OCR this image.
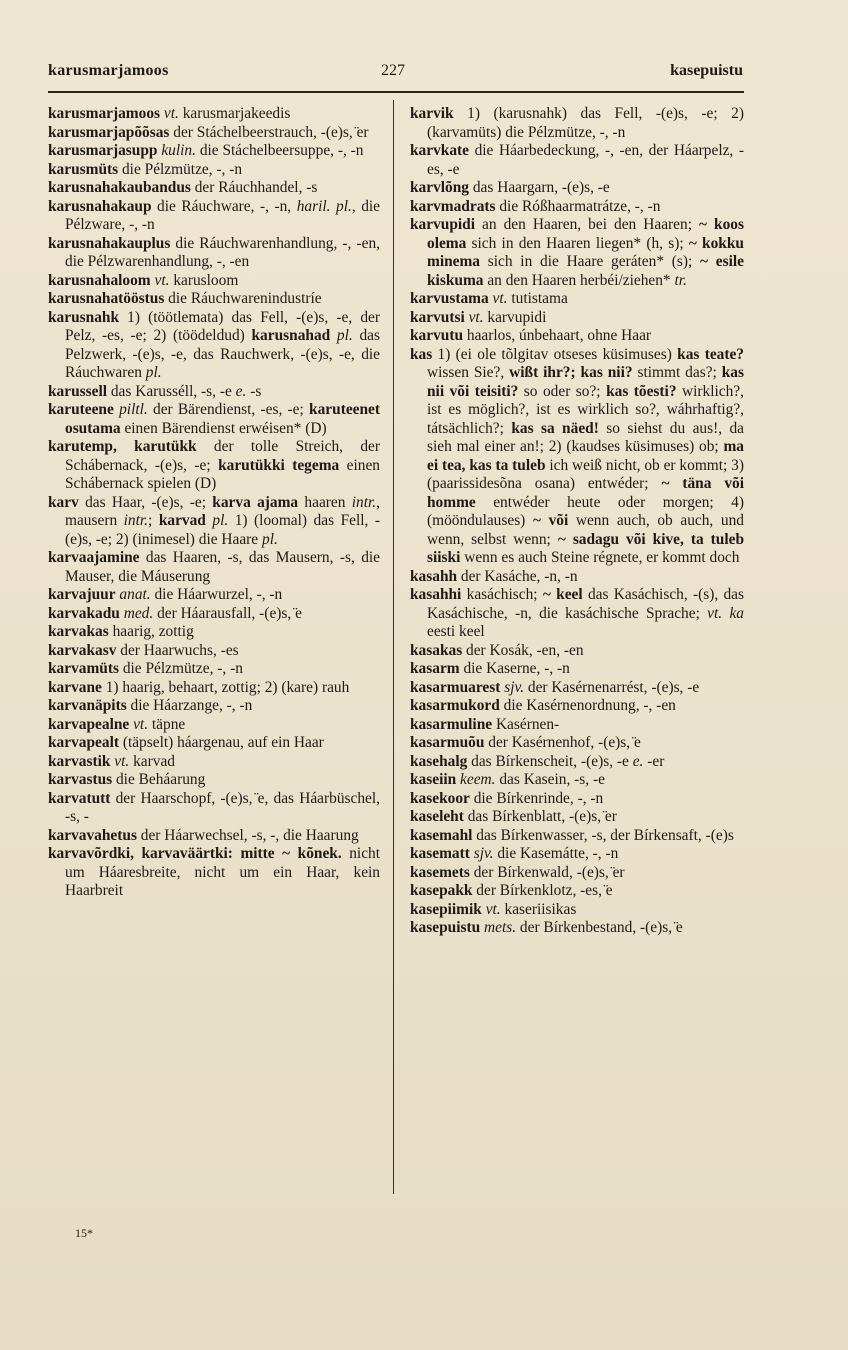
karusmarjamoos	227	kasepuistu
karusmarjamoos vt. karusmarjakeedis
karusmarjapõõsas der Stáchelbeerstrauch, -(e)s, ̈er
karusmarjasupp kulin. die Stáchelbeersuppe, -, -n
karusmüts die Pélzmütze, -, -n
karusnahakaubandus der Ráuchhandel, -s
karusnahakaup die Ráuchware, -, -n, haril. pl., die Pélzware, -, -n
karusnahakauplus die Ráuchwarenhandlung, -, -en, die Pélzwarenhandlung, -, -en
karusnahaloom vt. karusloom
karusnahatööstus die Ráuchwarenindustríe
karusnahk 1) (töötlemata) das Fell, -(e)s, -e, der Pelz, -es, -e; 2) (töödeldud) karusnahad pl. das Pelzwerk, -(e)s, -e, das Rauchwerk, -(e)s, -e, die Ráuchwaren pl.
karussell das Karusséll, -s, -e e. -s
karuteene piltl. der Bärendienst, -es, -e; karuteenet osutama einen Bärendienst erwéisen* (D)
karutemp, karutükk der tolle Streich, der Schábernack, -(e)s, -e; karutükki tegema einen Schábernack spielen (D)
karv das Haar, -(e)s, -e; karva ajama haaren intr., mausern intr.; karvad pl. 1) (loomal) das Fell, -(e)s, -e; 2) (inimesel) die Haare pl.
karvaajamine das Haaren, -s, das Mausern, -s, die Mauser, die Máuserung
karvajuur anat. die Háarwurzel, -, -n
karvakadu med. der Háarausfall, -(e)s, ̈e
karvakas haarig, zottig
karvakasv der Haarwuchs, -es
karvamüts die Pélzmütze, -, -n
karvane 1) haarig, behaart, zottig; 2) (kare) rauh
karvanäpits die Háarzange, -, -n
karvapealne vt. täpne
karvapealt (täpselt) háargenau, auf ein Haar
karvastik vt. karvad
karvastus die Beháarung
karvatutt der Haarschopf, -(e)s, ̈e, das Háarbüschel, -s, -
karvavahetus der Háarwechsel, -s, -, die Haarung
karvavõrdki, karvaväärtki: mitte ~ kõnek. nicht um Háaresbreite, nicht um ein Haar, kein Haarbreit
karvik 1) (karusnahk) das Fell, -(e)s, -e; 2) (karvamüts) die Pélzmütze, -, -n
karvkate die Háarbedeckung, -, -en, der Háarpelz, -es, -e
karvlõng das Haargarn, -(e)s, -e
karvmadrats die Róßhaarmatrátze, -, -n
karvupidi an den Haaren, bei den Haaren; ~ koos olema sich in den Haaren liegen* (h, s); ~ kokku minema sich in die Haare geráten* (s); ~ esile kiskuma an den Haaren herbéi/ziehen* tr.
karvustama vt. tutistama
karvutsi vt. karvupidi
karvutu haarlos, únbehaart, ohne Haar
kas 1) (ei ole tõlgitav otseses küsimuses) kas teate? wissen Sie?, wißt ihr?; kas nii? stimmt das?; kas nii või teisiti? so oder so?; kas tõesti? wirklich?, ist es möglich?, ist es wirklich so?, wáhrhaftig?, tátsächlich?; kas sa näed! so siehst du aus!, da sieh mal einer an!; 2) (kaudses küsimuses) ob; ma ei tea, kas ta tuleb ich weiß nicht, ob er kommt; 3) (paarissidesõna osana) entwéder; ~ täna või homme entwéder heute oder morgen; 4) (mööndulauses) ~ või wenn auch, ob auch, und wenn, selbst wenn; ~ sadagu või kive, ta tuleb siiski wenn es auch Steine régnete, er kommt doch
kasahh der Kasáche, -n, -n
kasahhi kasáchisch; ~ keel das Kasáchisch, -(s), das Kasáchische, -n, die kasáchische Sprache; vt. ka eesti keel
kasakas der Kosák, -en, -en
kasarm die Kaserne, -, -n
kasarmuarest sjv. der Kasérnenarrést, -(e)s, -e
kasarmukord die Kasérnenordnung, -, -en
kasarmuline Kasérnen-
kasarmuõu der Kasérnenhof, -(e)s, ̈e
kasehalg das Bírkenscheit, -(e)s, -e e. -er
kaseiin keem. das Kasein, -s, -e
kasekoor die Bírkenrinde, -, -n
kaseleht das Bírkenblatt, -(e)s, ̈er
kasemahl das Bírkenwasser, -s, der Bírkensaft, -(e)s
kasematt sjv. die Kasemátte, -, -n
kasemets der Bírkenwald, -(e)s, ̈er
kasepakk der Bírkenklotz, -es, ̈e
kasepiimik vt. kaseriisikas
kasepuistu mets. der Bírkenbestand, -(e)s, ̈e
15*
